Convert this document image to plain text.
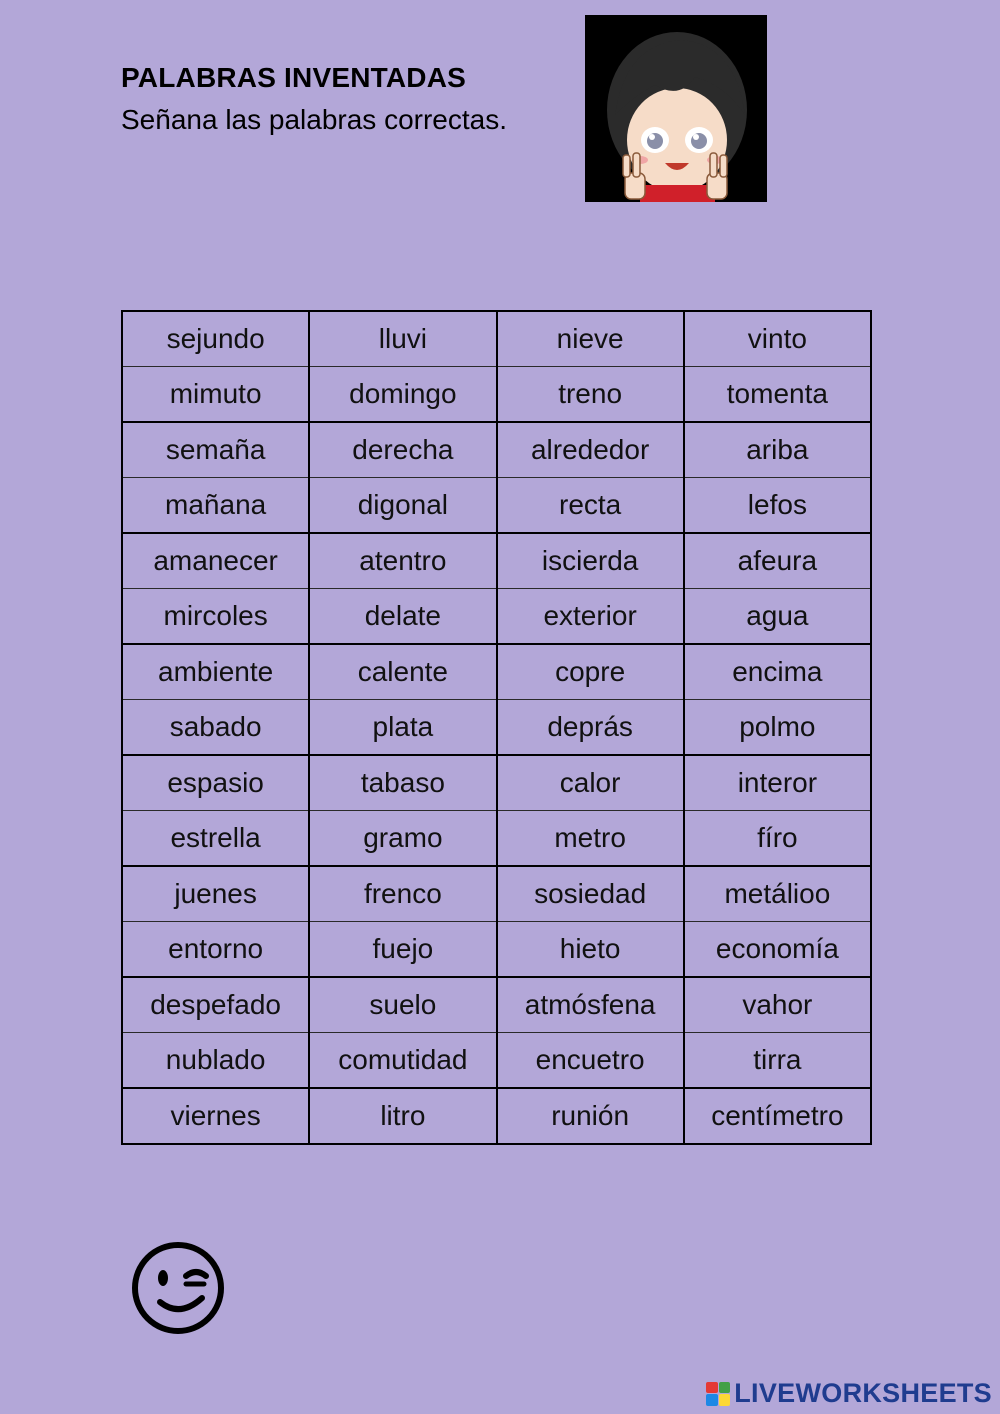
PALABRAS INVENTADAS
Señana las palabras correctas.
sejundo	lluvi	nieve	vinto
mimuto	domingo	treno	tomenta
semaña	derecha	alrededor	ariba
mañana	digonal	recta	lefos
amanecer	atentro	iscierda	afeura
mircoles	delate	exterior	agua
ambiente	calente	copre	encima
sabado	plata	deprás	polmo
espasio	tabaso	calor	interor
estrella	gramo	metro	fíro
juenes	frenco	sosiedad	metálioo
entorno	fuejo	hieto	economía
despefado	suelo	atmósfena	vahor
nublado	comutidad	encuetro	tirra
viernes	litro	runión	centímetro
LIVEWORKSHEETS
